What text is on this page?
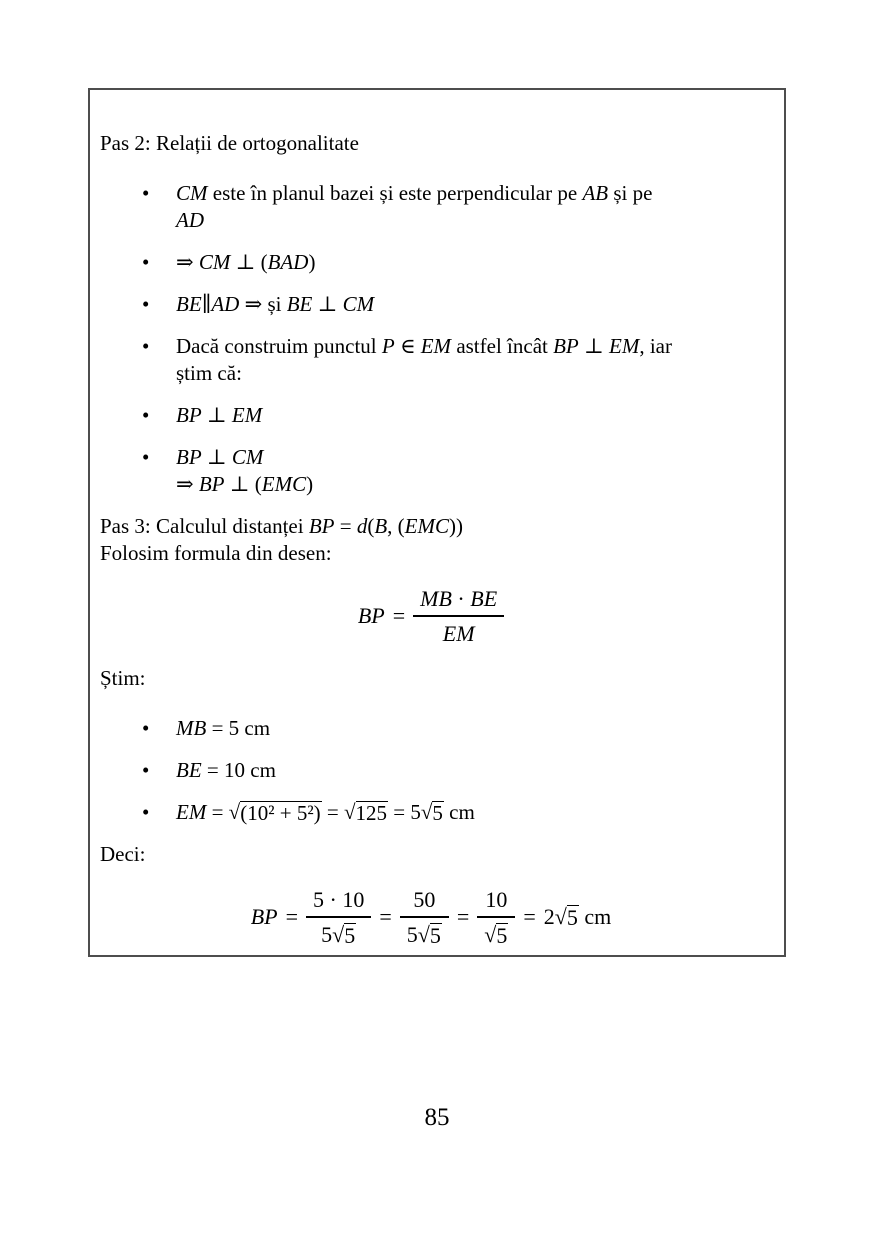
Pas 2: Relații de ortogonalitate

• CM este în planul bazei și este perpendicular pe AB și pe
AD
• ⇒ CM ⊥ (BAD)
• BE∥AD ⇒ și BE ⊥ CM
• Dacă construim punctul P ∈ EM astfel încât BP ⊥ EM, iar
știm că:
• BP ⊥ EM
• BP ⊥ CM
⇒ BP ⊥ (EMC)

Pas 3: Calculul distanței BP = d(B, (EMC))

Folosim formula din desen:

BP = $\frac{MB \cdot BE}{EM}$

Știm:

• MB = 5 cm
• BE = 10 cm
• EM = √ (10² + 5²) = √ 125 = 5 √ 5 cm

Deci:

BP = $\frac{5 \cdot 10}{5 √ 5} = \frac{50}{5 √ 5} = \frac{10}{√ 5} = 2$ √ 5 cm
85
